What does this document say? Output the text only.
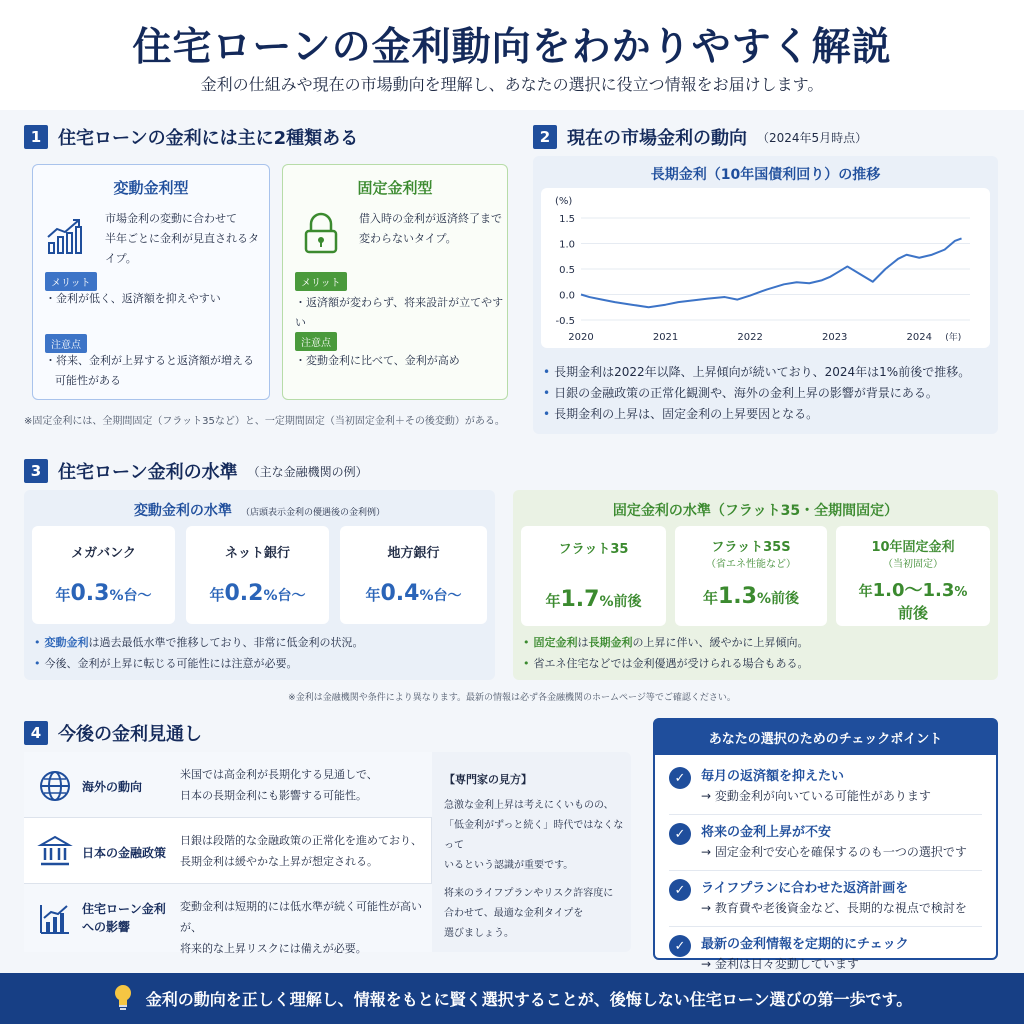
住宅ローンの金利動向をわかりやすく解説
金利の仕組みや現在の市場動向を理解し、あなたの選択に役立つ情報をお届けします。
1 住宅ローンの金利には主に2種類ある
変動金利型
市場金利の変動に合わせて
半年ごとに金利が見直されるタイプ。
メリット
・金利が低く、返済額を抑えやすい
注意点
・将来、金利が上昇すると返済額が増える
可能性がある
固定金利型
借入時の金利が返済終了まで
変わらないタイプ。
メリット
・返済額が変わらず、将来設計が立てやすい
注意点
・変動金利に比べて、金利が高め
※固定金利には、全期間固定（フラット35など）と、一定期間固定（当初固定金利＋その後変動）がある。
2 現在の市場金利の動向 （2024年5月時点）
長期金利（10年国債利回り）の推移
(%)
1.5
1.0
0.5
0.0
-0.5
2020	2021	2022	2023	2024 (年)
• 長期金利は2022年以降、上昇傾向が続いており、2024年は1%前後で推移。
• 日銀の金融政策の正常化観測や、海外の金利上昇の影響が背景にある。
• 長期金利の上昇は、固定金利の上昇要因となる。
3 住宅ローン金利の水準 （主な金融機関の例）
変動金利の水準 （店頭表示金利の優遇後の金利例）
メガバンク
年0.3%台〜
ネット銀行
年0.2%台〜
地方銀行
年0.4%台〜
• 変動金利は過去最低水準で推移しており、非常に低金利の状況。
• 今後、金利が上昇に転じる可能性には注意が必要。
固定金利の水準（フラット35・全期間固定）
フラット35
年1.7%前後
フラット35S
（省エネ性能など）
年1.3%前後
10年固定金利
（当初固定）
年1.0〜1.3%
前後
• 固定金利は長期金利の上昇に伴い、緩やかに上昇傾向。
• 省エネ住宅などでは金利優遇が受けられる場合もある。
※金利は金融機関や条件により異なります。最新の情報は必ず各金融機関のホームページ等でご確認ください。
4 今後の金利見通し
海外の動向
米国では高金利が長期化する見通しで、
日本の長期金利にも影響する可能性。
日本の金融政策
日銀は段階的な金融政策の正常化を進めており、
長期金利は緩やかな上昇が想定される。
住宅ローン金利への影響
変動金利は短期的には低水準が続く可能性が高いが、
将来的な上昇リスクには備えが必要。
【専門家の見方】
急激な金利上昇は考えにくいものの、
「低金利がずっと続く」時代ではなくなって
いるという認識が重要です。
将来のライフプランやリスク許容度に
合わせて、最適な金利タイプを
選びましょう。
あなたの選択のためのチェックポイント
✓	毎月の返済額を抑えたい
→ 変動金利が向いている可能性があります
✓	将来の金利上昇が不安
→ 固定金利で安心を確保するのも一つの選択です
✓	ライフプランに合わせた返済計画を
→ 教育費や老後資金など、長期的な視点で検討を
✓	最新の金利情報を定期的にチェック
→ 金利は日々変動しています
金利の動向を正しく理解し、情報をもとに賢く選択することが、後悔しない住宅ローン選びの第一歩です。
